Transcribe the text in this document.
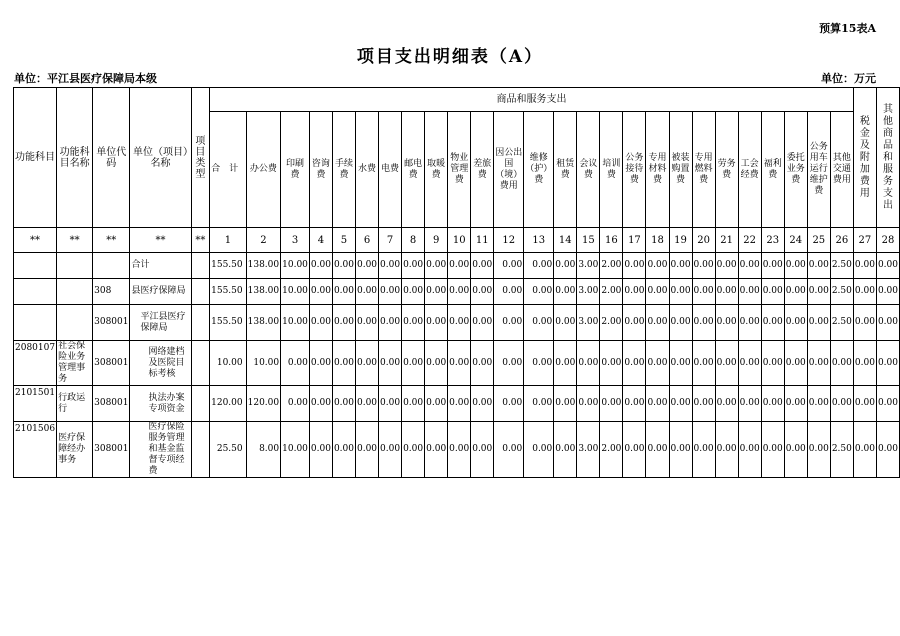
预算15表A
项目支出明细表（A）
单位：平江县医疗保障局本级	单位：万元
功能科目	功能科目名称	单位代码	单位（项目）名称	项目类型	商品和服务支出																										税金及附加费用	其他商品和服务支出
					合　计	办公费	印刷费	咨询费	手续费	水费	电费	邮电费	取暖费	物业管理费	差旅费	因公出国（境）费用	维修（护）费	租赁费	会议费	培训费	公务接待费	专用材料费	被装购置费	专用燃料费	劳务费	工会经费	福利费	委托业务费	公务用车运行维护费	其他交通费用		
**	**	**	**	**	1	2	3	4	5	6	7	8	9	10	11	12	13	14	15	16	17	18	19	20	21	22	23	24	25	26	27	28
			合计		155.50	138.00	10.00	0.00	0.00	0.00	0.00	0.00	0.00	0.00	0.00	0.00	0.00	0.00	3.00	2.00	0.00	0.00	0.00	0.00	0.00	0.00	0.00	0.00	0.00	2.50	0.00	0.00
		308	县医疗保障局		155.50	138.00	10.00	0.00	0.00	0.00	0.00	0.00	0.00	0.00	0.00	0.00	0.00	0.00	3.00	2.00	0.00	0.00	0.00	0.00	0.00	0.00	0.00	0.00	0.00	2.50	0.00	0.00
		308001	平江县医疗保障局		155.50	138.00	10.00	0.00	0.00	0.00	0.00	0.00	0.00	0.00	0.00	0.00	0.00	0.00	3.00	2.00	0.00	0.00	0.00	0.00	0.00	0.00	0.00	0.00	0.00	2.50	0.00	0.00
2080107	社会保险业务管理事务	308001	网络建档及医院目标考核		10.00	10.00	0.00	0.00	0.00	0.00	0.00	0.00	0.00	0.00	0.00	0.00	0.00	0.00	0.00	0.00	0.00	0.00	0.00	0.00	0.00	0.00	0.00	0.00	0.00	0.00	0.00	0.00
2101501	行政运行	308001	执法办案专项资金		120.00	120.00	0.00	0.00	0.00	0.00	0.00	0.00	0.00	0.00	0.00	0.00	0.00	0.00	0.00	0.00	0.00	0.00	0.00	0.00	0.00	0.00	0.00	0.00	0.00	0.00	0.00	0.00
2101506	医疗保障经办事务	308001	医疗保险服务管理和基金监督专项经费		25.50	8.00	10.00	0.00	0.00	0.00	0.00	0.00	0.00	0.00	0.00	0.00	0.00	0.00	3.00	2.00	0.00	0.00	0.00	0.00	0.00	0.00	0.00	0.00	0.00	2.50	0.00	0.00
